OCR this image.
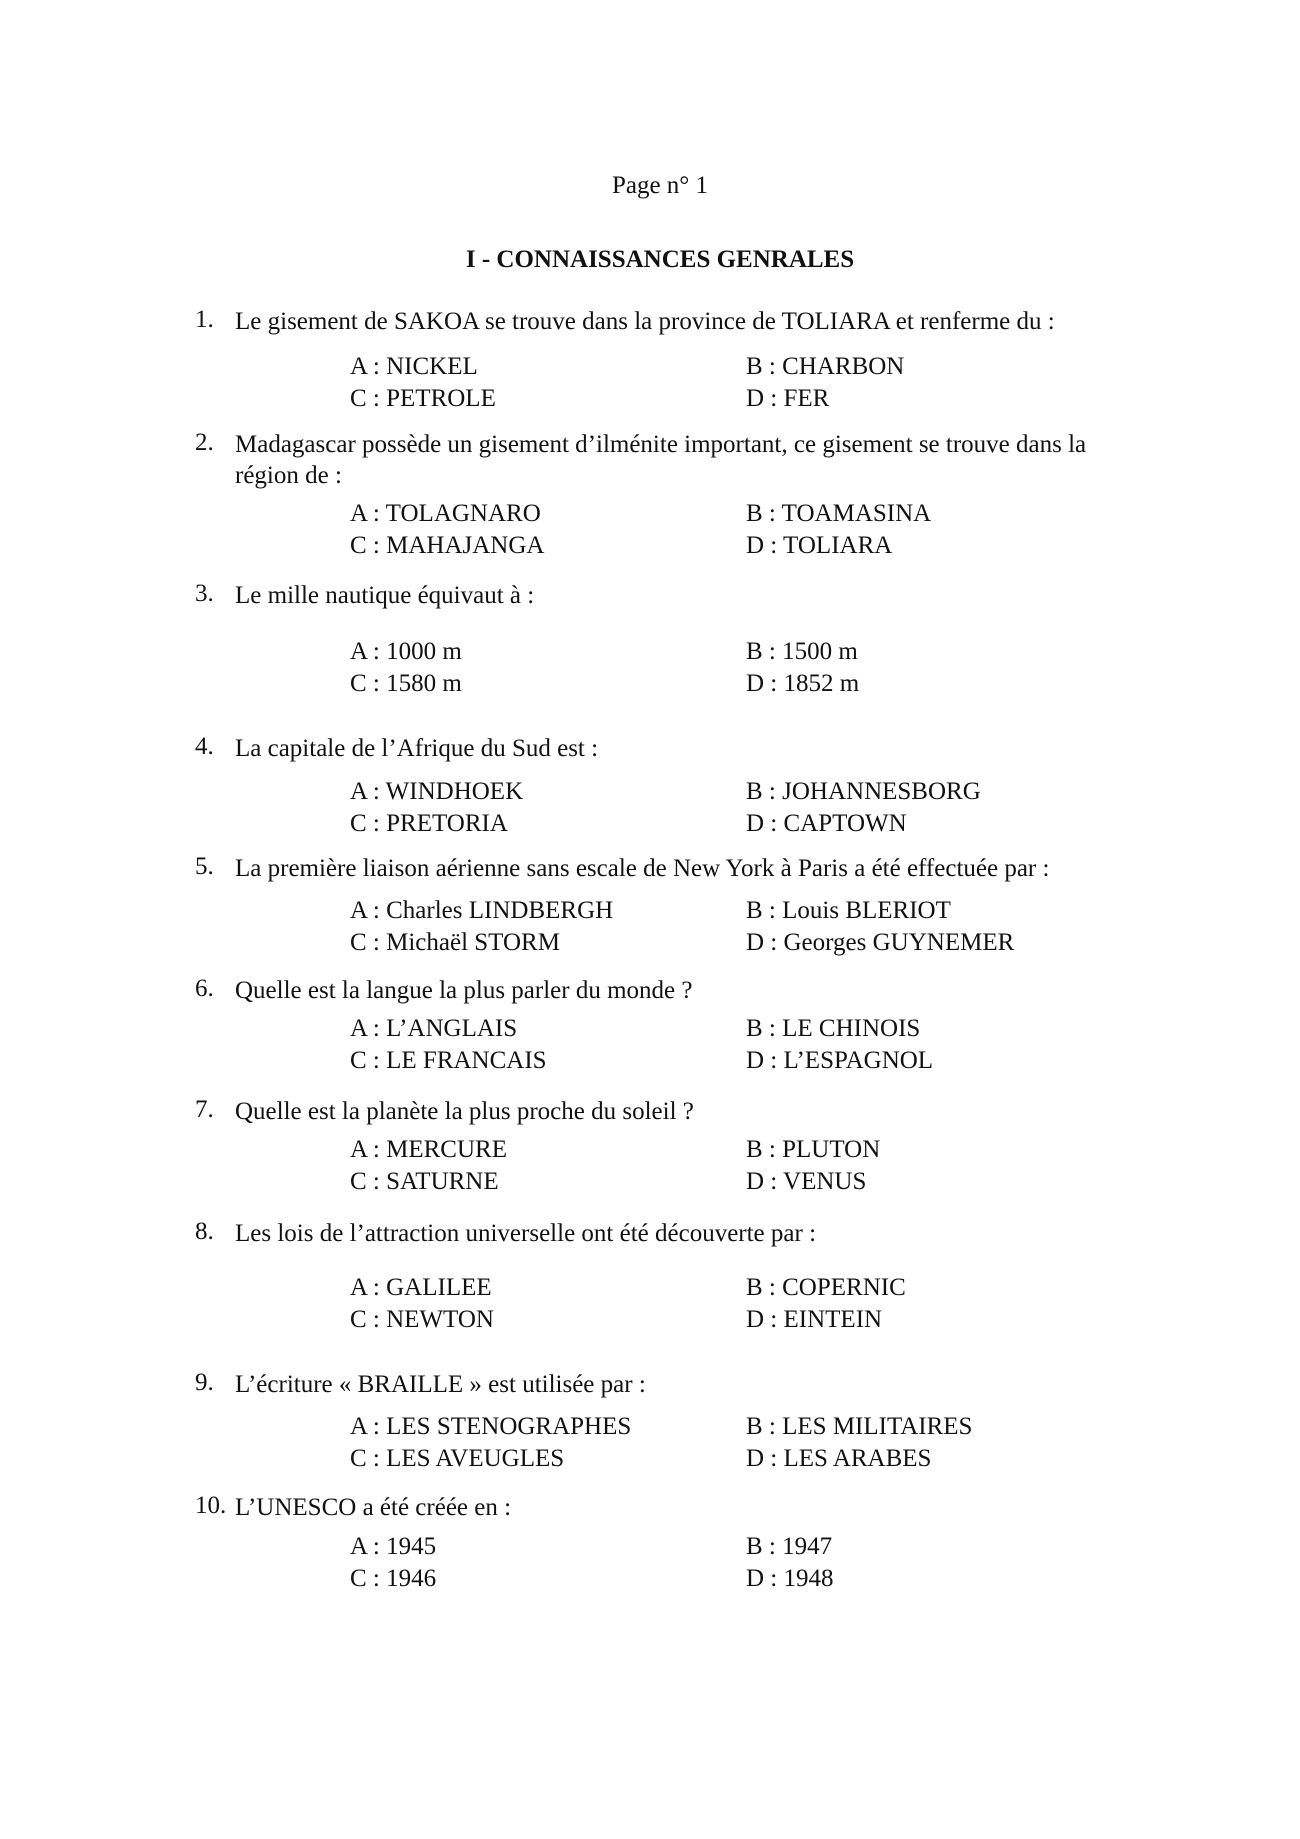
Page n° 1
I - CONNAISSANCES GENRALES
1. Le gisement de SAKOA se trouve dans la province de TOLIARA et renferme du :
A : NICKEL	B : CHARBON
C : PETROLE	D : FER
2. Madagascar possède un gisement d’ilménite important, ce gisement se trouve dans la région de :
A : TOLAGNARO	B : TOAMASINA
C : MAHAJANGA	D : TOLIARA
3. Le mille nautique équivaut à :
A : 1000 m	B : 1500 m
C : 1580 m	D : 1852 m
4. La capitale de l’Afrique du Sud est :
A : WINDHOEK	B : JOHANNESBORG
C : PRETORIA	D : CAPTOWN
5. La première liaison aérienne sans escale de New York à Paris a été effectuée par :
A : Charles LINDBERGH	B : Louis BLERIOT
C : Michaël STORM	D : Georges GUYNEMER
6. Quelle est la langue la plus parler du monde ?
A : L’ANGLAIS	B : LE CHINOIS
C : LE FRANCAIS	D : L’ESPAGNOL
7. Quelle est la planète la plus proche du soleil ?
A : MERCURE	B : PLUTON
C : SATURNE	D : VENUS
8. Les lois de l’attraction universelle ont été découverte par :
A : GALILEE	B : COPERNIC
C : NEWTON	D : EINTEIN
9. L’écriture « BRAILLE » est utilisée par :
A : LES STENOGRAPHES	B : LES MILITAIRES
C : LES AVEUGLES	D : LES ARABES
10. L’UNESCO a été créée en :
A : 1945	B : 1947
C : 1946	D : 1948
